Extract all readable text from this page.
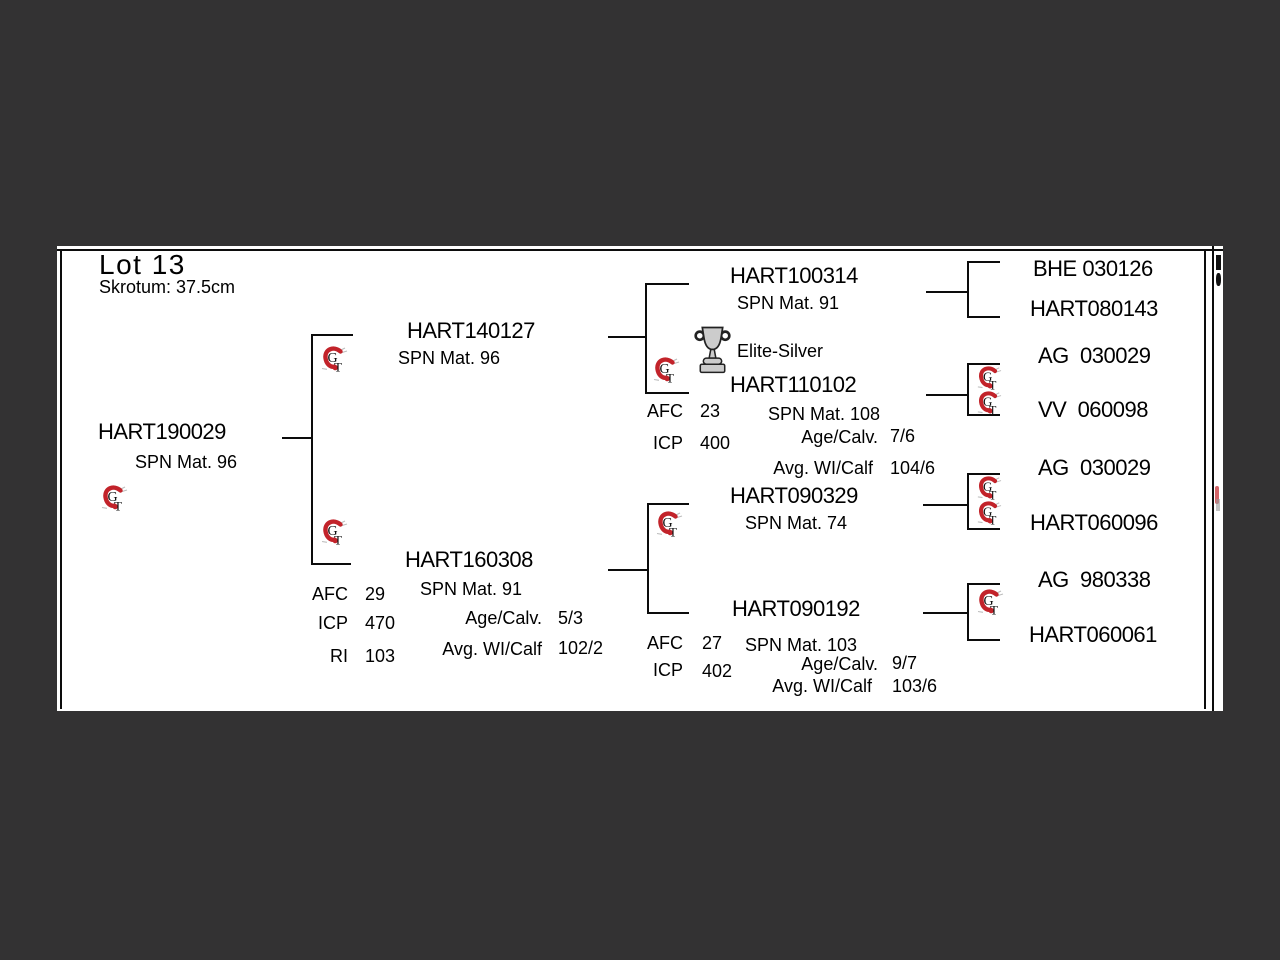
Lot 13
Skrotum: 37.5cm
HART190029
SPN Mat. 96
HART140127
SPN Mat. 96
HART160308
SPN Mat. 91
AFC 29
ICP 470
RI 103
Age/Calv. 5/3
Avg. WI/Calf 102/2
HART100314
SPN Mat. 91
Elite-Silver
HART110102
AFC 23	SPN Mat. 108
ICP 400	Age/Calv. 7/6
Avg. WI/Calf 104/6
HART090329
SPN Mat. 74
HART090192
AFC 27 SPN Mat. 103
ICP 402	Age/Calv. 9/7
Avg. WI/Calf 103/6
BHE 030126
HART080143
AG  030029
VV  060098
AG  030029
HART060096
AG  980338
HART060061
